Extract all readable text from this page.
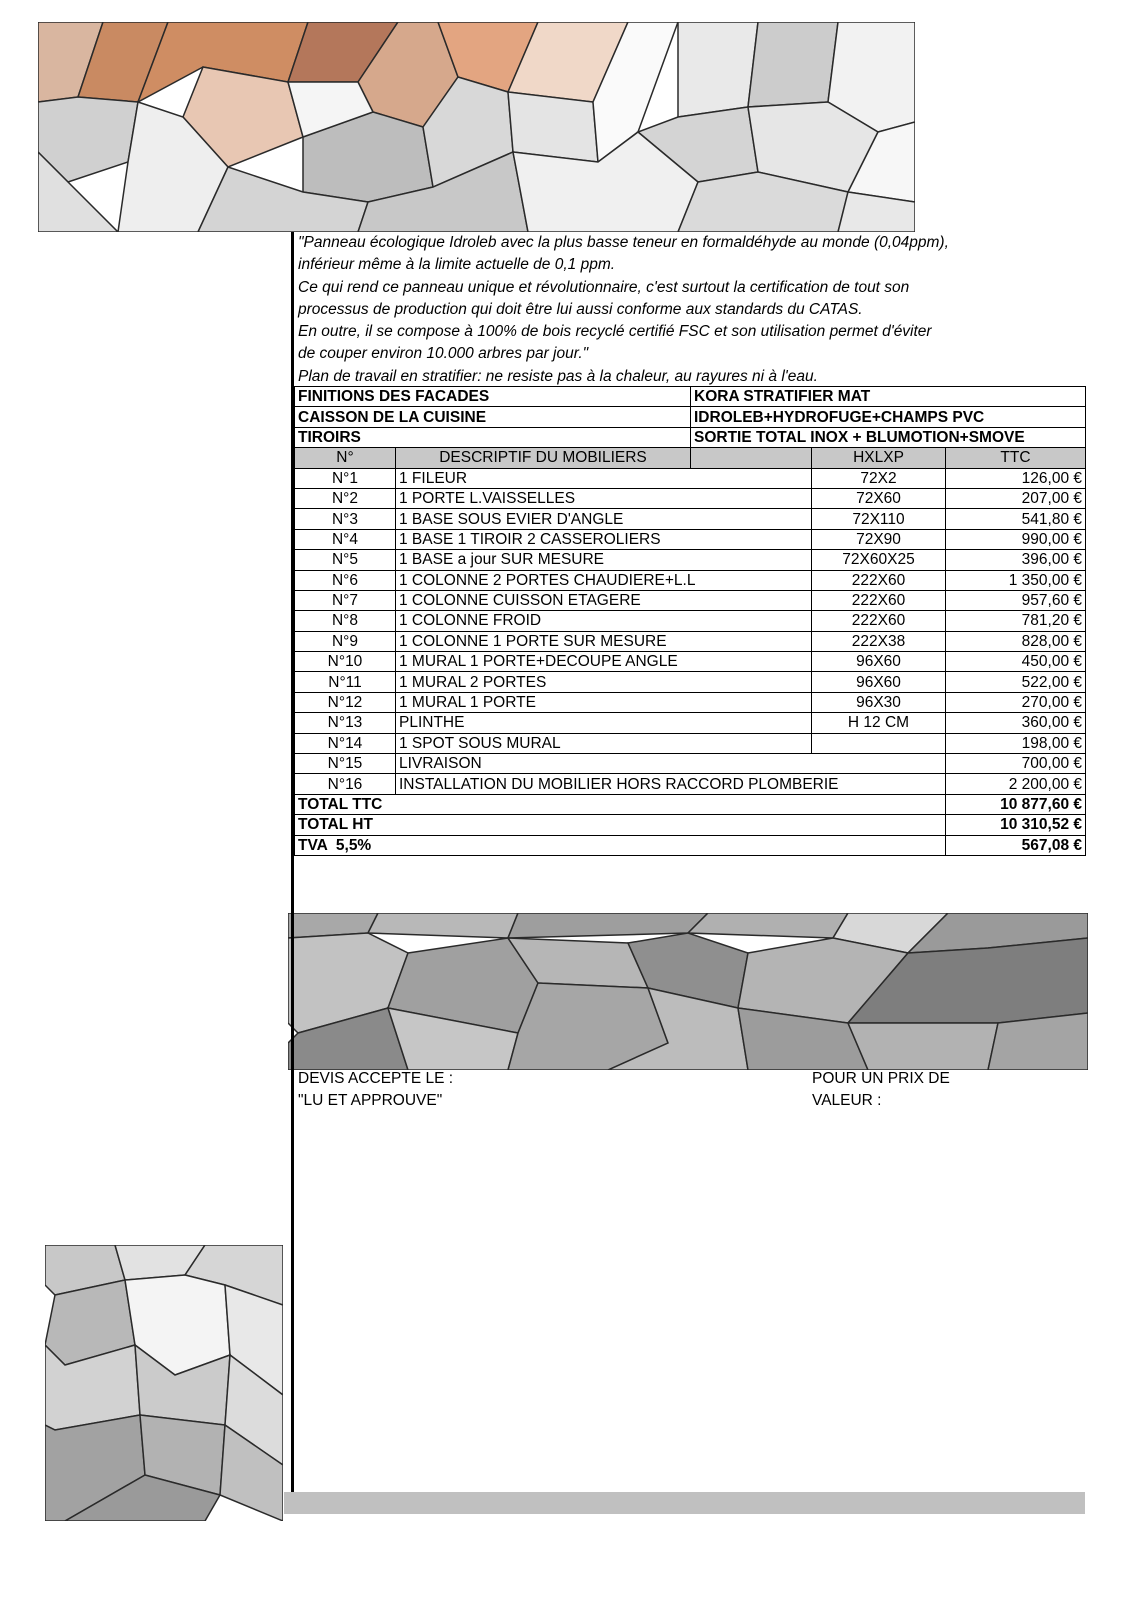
"Panneau écologique Idroleb avec la plus basse teneur en formaldéhyde au monde (0,04ppm),

inférieur même à la limite actuelle de 0,1 ppm.

Ce qui rend ce panneau unique et révolutionnaire, c'est surtout la certification de tout son

processus de production qui doit être lui aussi conforme aux standards du CATAS.

En outre, il se compose à 100% de bois recyclé certifié FSC et son utilisation permet d'éviter

de couper environ 10.000 arbres par jour."

Plan de travail en stratifier: ne resiste pas à la chaleur, au rayures ni à l'eau.

FINITIONS DES FACADES		KORA STRATIFIER MAT		
CAISSON DE LA CUISINE		IDROLEB+HYDROFUGE+CHAMPS PVC		
TIROIRS		SORTIE TOTAL INOX + BLUMOTION+SMOVE		
N°	DESCRIPTIF DU MOBILIERS		HXLXP	TTC
N°1	1 FILEUR		72X2	126,00 €
N°2	1 PORTE L.VAISSELLES		72X60	207,00 €
N°3	1 BASE SOUS EVIER D'ANGLE		72X110	541,80 €
N°4	1 BASE 1 TIROIR 2 CASSEROLIERS		72X90	990,00 €
N°5	1 BASE a jour SUR MESURE		72X60X25	396,00 €
N°6	1 COLONNE 2 PORTES CHAUDIERE+L.L		222X60	1 350,00 €
N°7	1 COLONNE CUISSON ETAGERE		222X60	957,60 €
N°8	1 COLONNE FROID		222X60	781,20 €
N°9	1 COLONNE 1 PORTE SUR MESURE		222X38	828,00 €
N°10	1 MURAL 1 PORTE+DECOUPE ANGLE		96X60	450,00 €
N°11	1 MURAL 2 PORTES		96X60	522,00 €
N°12	1 MURAL 1 PORTE		96X30	270,00 €
N°13	PLINTHE		H 12 CM	360,00 €
N°14	1 SPOT SOUS MURAL			198,00 €
N°15	LIVRAISON			700,00 €
N°16	INSTALLATION DU MOBILIER HORS RACCORD PLOMBERIE			2 200,00 €
TOTAL TTC				10 877,60 €
TOTAL HT				10 310,52 €
TVA  5,5%				567,08 €
DEVIS ACCEPTE LE :
"LU ET APPROUVE"
POUR UN PRIX DE
VALEUR :
